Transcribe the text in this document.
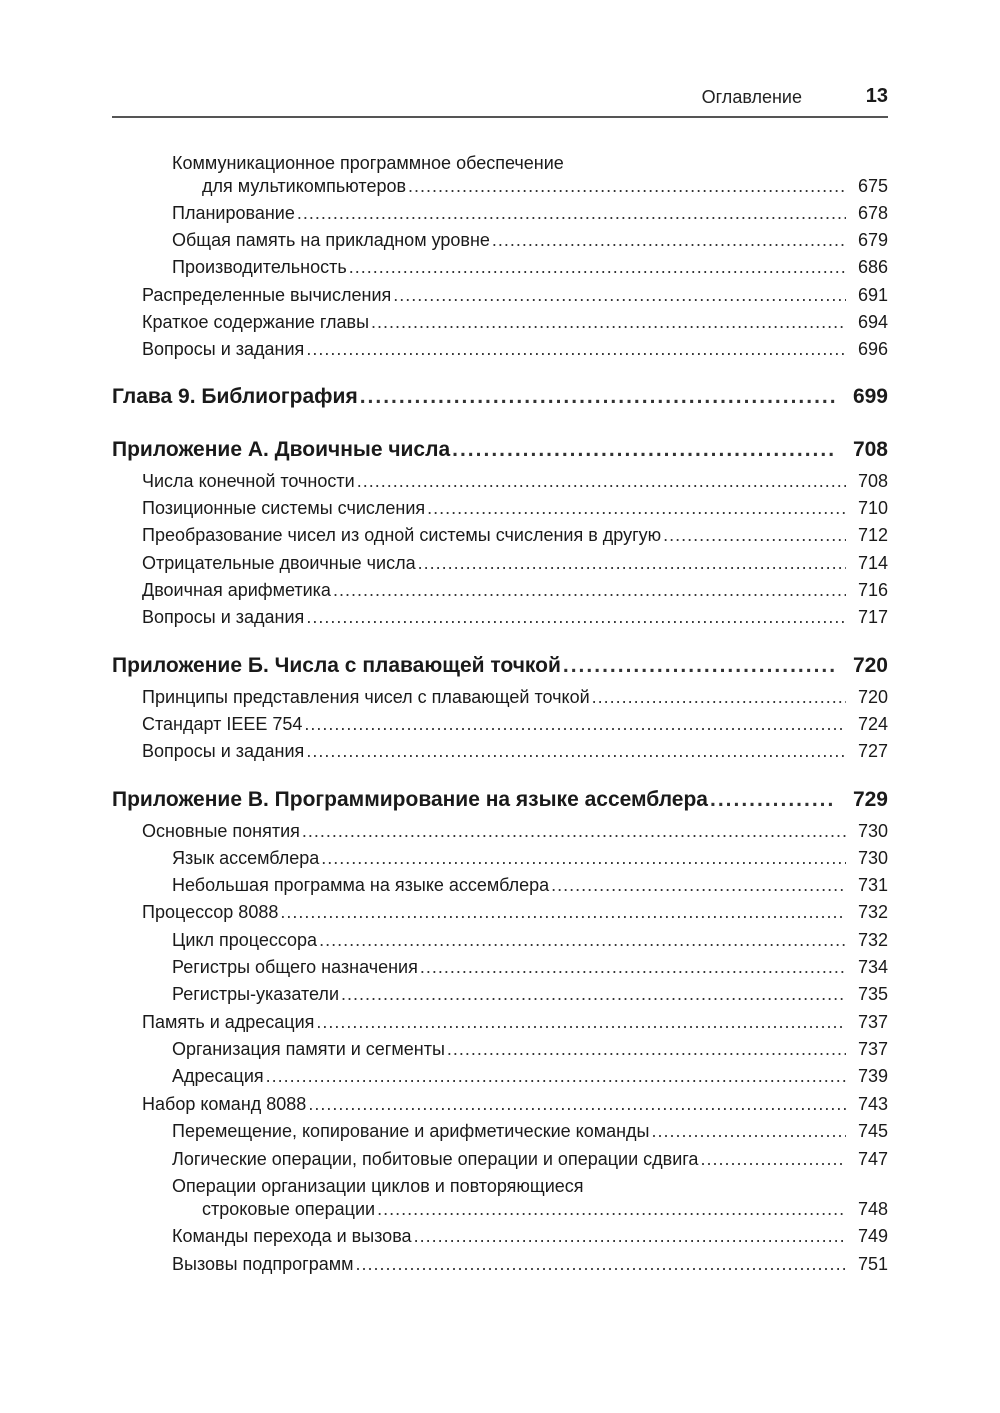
Оглавление	13
Коммуникационное программное обеспечение
для мультикомпьютеров .....	675
Планирование .....	678
Общая память на прикладном уровне .....	679
Производительность .....	686
Распределенные вычисления .....	691
Краткое содержание главы .....	694
Вопросы и задания .....	696
Глава 9. Библиография .....	699
Приложение А. Двоичные числа .....	708
Числа конечной точности .....	708
Позиционные системы счисления .....	710
Преобразование чисел из одной системы счисления в другую .....	712
Отрицательные двоичные числа .....	714
Двоичная арифметика .....	716
Вопросы и задания .....	717
Приложение Б. Числа с плавающей точкой .....	720
Принципы представления чисел с плавающей точкой .....	720
Стандарт IEEE 754 .....	724
Вопросы и задания .....	727
Приложение В. Программирование на языке ассемблера .....	729
Основные понятия .....	730
Язык ассемблера .....	730
Небольшая программа на языке ассемблера .....	731
Процессор 8088 .....	732
Цикл процессора .....	732
Регистры общего назначения .....	734
Регистры-указатели .....	735
Память и адресация .....	737
Организация памяти и сегменты .....	737
Адресация .....	739
Набор команд 8088 .....	743
Перемещение, копирование и арифметические команды .....	745
Логические операции, побитовые операции и операции сдвига .....	747
Операции организации циклов и повторяющиеся
строковые операции .....	748
Команды перехода и вызова .....	749
Вызовы подпрограмм .....	751
